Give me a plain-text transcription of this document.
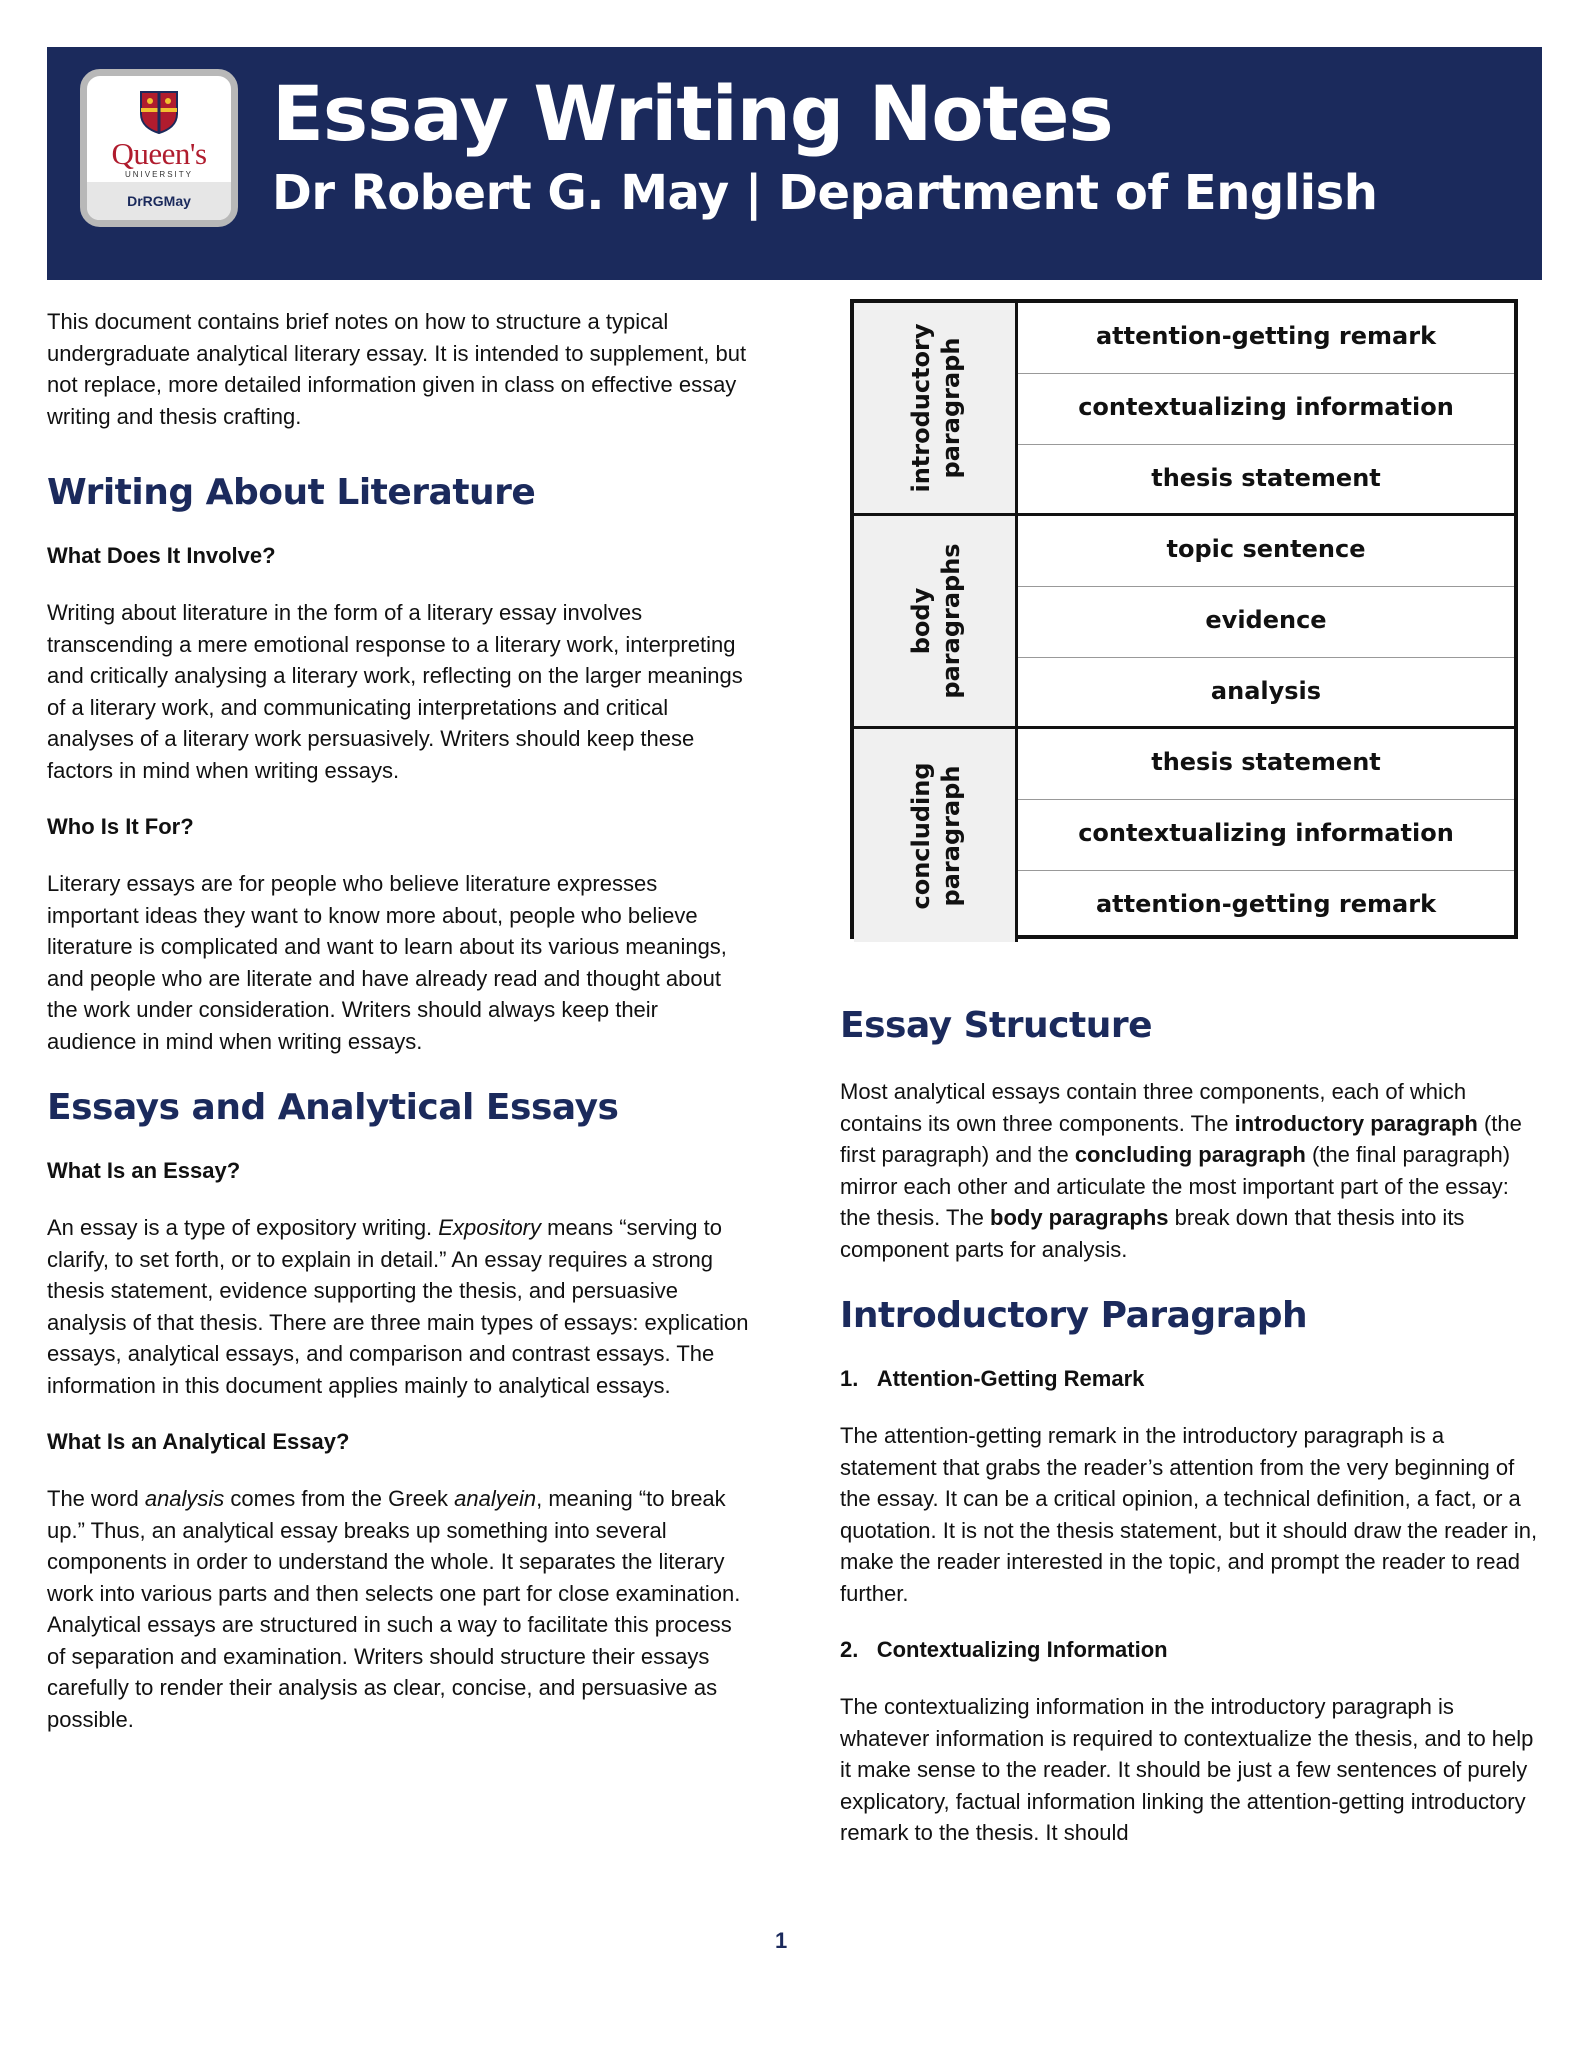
Queen's
UNIVERSITY
DrRGMay
Essay Writing Notes
Dr Robert G. May | Department of English

This document contains brief notes on how to structure a typical undergraduate analytical literary essay. It is intended to supplement, but not replace, more detailed information given in class on effective essay writing and thesis crafting.

Writing About Literature
What Does It Involve?

Writing about literature in the form of a literary essay involves transcending a mere emotional response to a literary work, interpreting and critically analysing a literary work, reflecting on the larger meanings of a literary work, and communicating interpretations and critical analyses of a literary work persuasively. Writers should keep these factors in mind when writing essays.

Who Is It For?

Literary essays are for people who believe literature expresses important ideas they want to know more about, people who believe literature is complicated and want to learn about its various meanings, and people who are literate and have already read and thought about the work under consideration. Writers should always keep their audience in mind when writing essays.

Essays and Analytical Essays
What Is an Essay?

An essay is a type of expository writing. Expository means “serving to clarify, to set forth, or to explain in detail.” An essay requires a strong thesis statement, evidence supporting the thesis, and persuasive analysis of that thesis. There are three main types of essays: explication essays, analytical essays, and comparison and contrast essays. The information in this document applies mainly to analytical essays.

What Is an Analytical Essay?

The word analysis comes from the Greek analyein, meaning “to break up.” Thus, an analytical essay breaks up something into several components in order to understand the whole. It separates the literary work into various parts and then selects one part for close examination. Analytical essays are structured in such a way to facilitate this process of separation and examination. Writers should structure their essays carefully to render their analysis as clear, concise, and persuasive as possible.

introductory
paragraph
attention-getting remark
contextualizing information
thesis statement
body
paragraphs	topic sentence
evidence
analysis
concluding
paragraph
thesis statement
contextualizing information
attention-getting remark
Essay Structure

Most analytical essays contain three components, each of which contains its own three components. The introductory paragraph (the first paragraph) and the concluding paragraph (the final paragraph) mirror each other and articulate the most important part of the essay: the thesis. The body paragraphs break down that thesis into its component parts for analysis.

Introductory Paragraph
1. Attention-Getting Remark

The attention-getting remark in the introductory paragraph is a statement that grabs the reader’s attention from the very beginning of the essay. It can be a critical opinion, a technical definition, a fact, or a quotation. It is not the thesis statement, but it should draw the reader in, make the reader interested in the topic, and prompt the reader to read further.

2. Contextualizing Information

The contextualizing information in the introductory paragraph is whatever information is required to contextualize the thesis, and to help it make sense to the reader. It should be just a few sentences of purely explicatory, factual information linking the attention-getting introductory remark to the thesis. It should

1
